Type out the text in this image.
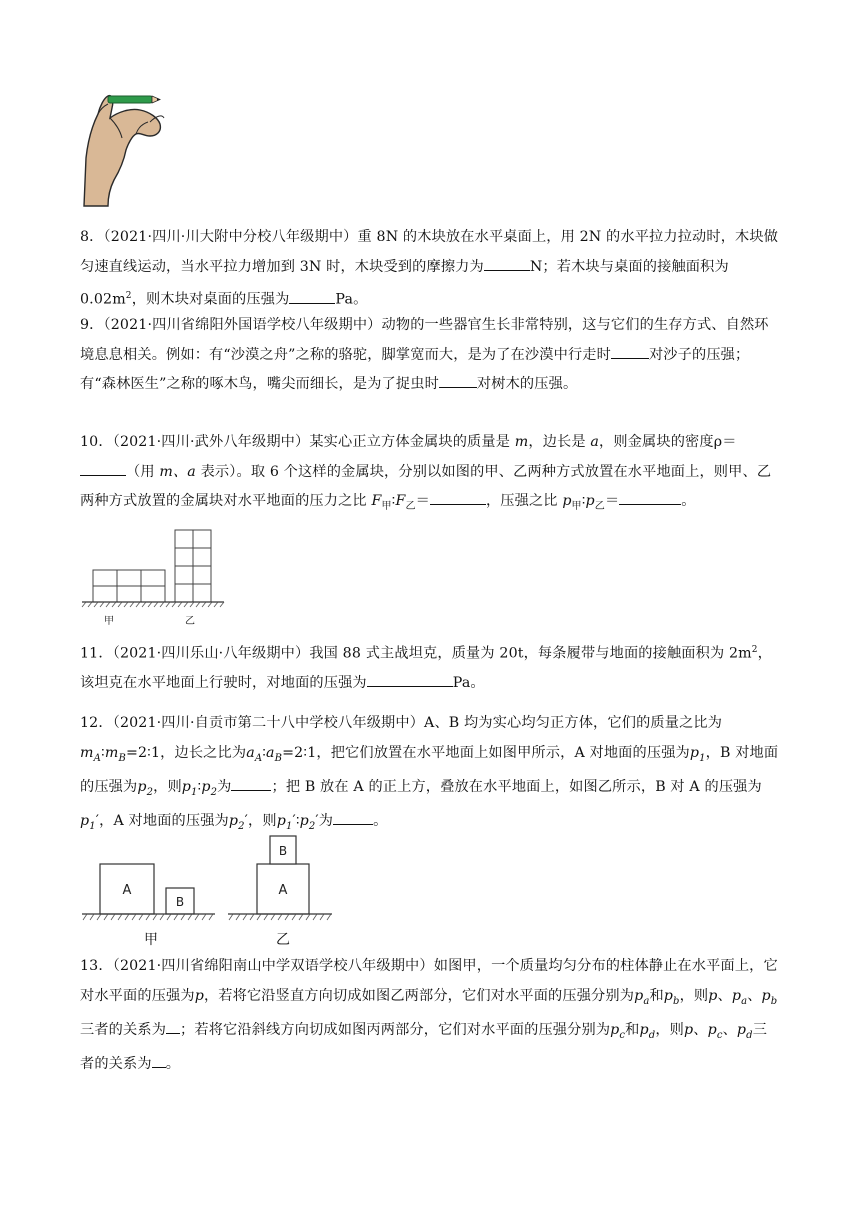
8．（2021·四川·川大附中分校八年级期中）重 8N 的木块放在水平桌面上，用 2N 的水平拉力拉动时，木块做匀速直线运动，当水平拉力增加到 3N 时，木块受到的摩擦力为	N；若木块与桌面的接触面积为$0.02m^2$，则木块对桌面的压强为	Pa。

9．（2021·四川省绵阳外国语学校八年级期中）动物的一些器官生长非常特别，这与它们的生存方式、自然环境息息相关。例如：有“沙漠之舟”之称的骆驼，脚掌宽而大，是为了在沙漠中行走时	对沙子的压强；有“森林医生”之称的啄木鸟，嘴尖而细长，是为了捉虫时	对树木的压强。

10．（2021·四川·武外八年级期中）某实心正立方体金属块的质量是 m，边长是 a，则金属块的密度ρ＝（用 m、a 表示）。取 6 个这样的金属块，分别以如图的甲、乙两种方式放置在水平地面上，则甲、乙两种方式放置的金属块对水平地面的压力之比 $F_甲∶F_乙=$	，压强之比 $p_甲∶p_乙=$	。

甲	乙

11．（2021·四川乐山·八年级期中）我国 88 式主战坦克，质量为 20t，每条履带与地面的接触面积为 $2m^2$，该坦克在水平地面上行驶时，对地面的压强为	Pa。

12．（2021·四川·自贡市第二十八中学校八年级期中）A、B 均为实心均匀正方体，它们的质量之比为$m_A∶m_B=2∶1$，边长之比为$a_A∶a_B=2∶1$，把它们放置在水平地面上如图甲所示，A 对地面的压强为$p_1$，B 对地面的压强为$p_2$，则$p_1∶p_2$为	；把 B 放在 A 的正上方，叠放在水平地面上，如图乙所示，B 对 A 的压强为$p_1'$，A 对地面的压强为$p_2'$，则$p_1'∶p_2'$为	。

A
B
A
B
甲	乙

13．（2021·四川省绵阳南山中学双语学校八年级期中）如图甲，一个质量均匀分布的柱体静止在水平面上，它对水平面的压强为p，若将它沿竖直方向切成如图乙两部分，它们对水平面的压强分别为$p_a$和$p_b$，则p、$p_a$、$p_b$三者的关系为 ；若将它沿斜线方向切成如图丙两部分，它们对水平面的压强分别为$p_c$和$p_d$，则p、$p_c$、$p_d$三者的关系为 。
